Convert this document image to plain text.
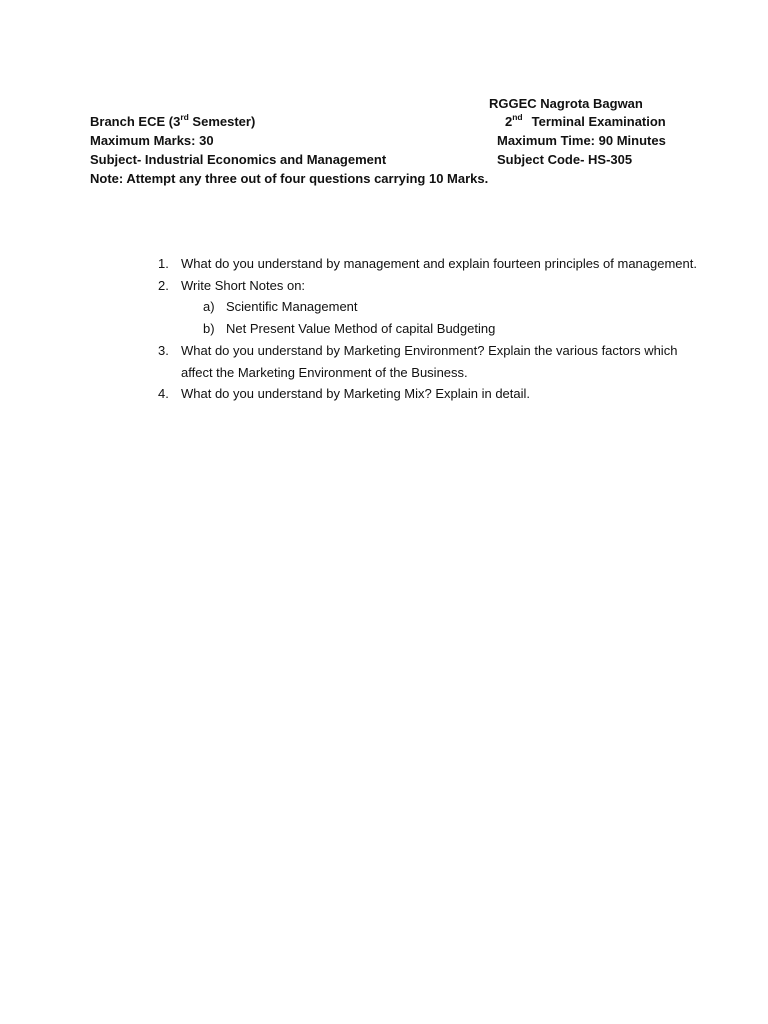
RGGEC Nagrota Bagwan
Branch ECE (3rd Semester)	2nd Terminal Examination
Maximum Marks: 30	Maximum Time: 90 Minutes
Subject- Industrial Economics and Management	Subject Code- HS-305
Note: Attempt any three out of four questions carrying 10 Marks.
1. What do you understand by management and explain fourteen principles of management.
2. Write Short Notes on:
a) Scientific Management
b) Net Present Value Method of capital Budgeting
3. What do you understand by Marketing Environment? Explain the various factors which affect the Marketing Environment of the Business.
4. What do you understand by Marketing Mix? Explain in detail.
